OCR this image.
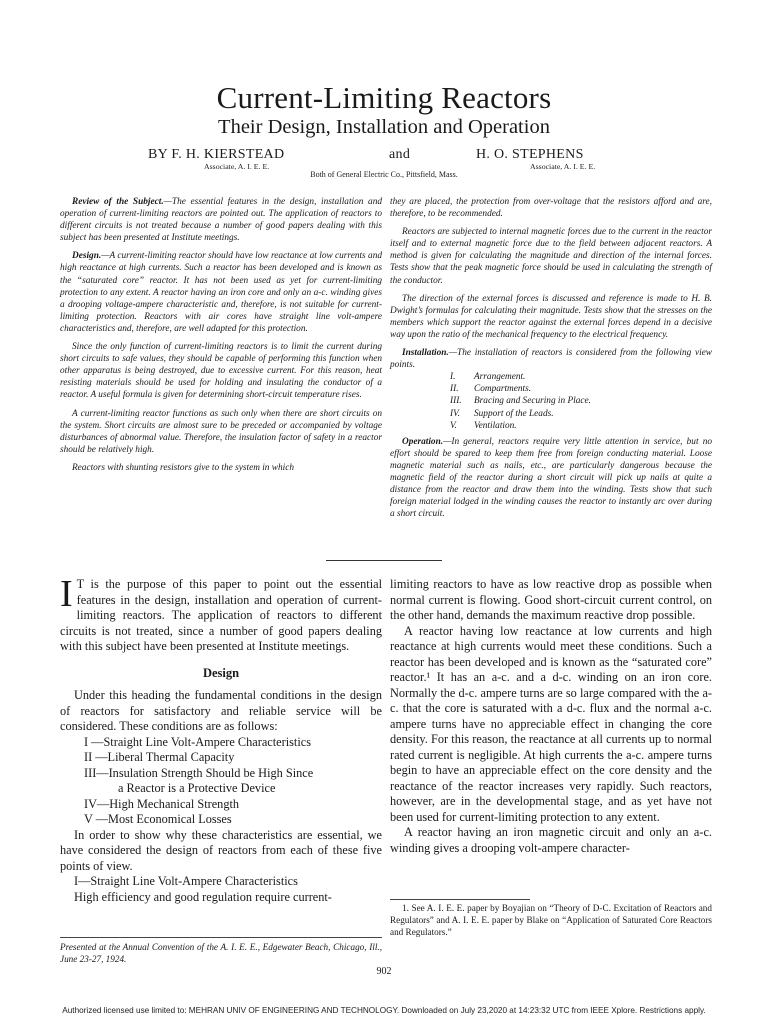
Current-Limiting Reactors
Their Design, Installation and Operation
BY F. H. KIERSTEAD
Associate, A. I. E. E.
and	H. O. STEPHENS
Associate, A. I. E. E.
Both of General Electric Co., Pittsfield, Mass.

Review of the Subject.—The essential features in the design, installation and operation of current-limiting reactors are pointed out. The application of reactors to different circuits is not treated because a number of good papers dealing with this subject has been presented at Institute meetings.

Design.—A current-limiting reactor should have low reactance at low currents and high reactance at high currents. Such a reactor has been developed and is known as the “saturated core” reactor. It has not been used as yet for current-limiting protection to any extent. A reactor having an iron core and only an a-c. winding gives a drooping voltage-ampere characteristic and, therefore, is not suitable for current-limiting protection. Reactors with air cores have straight line volt-ampere characteristics and, therefore, are well adapted for this protection.

Since the only function of current-limiting reactors is to limit the current during short circuits to safe values, they should be capable of performing this function when other apparatus is being destroyed, due to excessive current. For this reason, heat resisting materials should be used for holding and insulating the conductor of a reactor. A useful formula is given for determining short-circuit temperature rises.

A current-limiting reactor functions as such only when there are short circuits on the system. Short circuits are almost sure to be preceded or accompanied by voltage disturbances of abnormal value. Therefore, the insulation factor of safety in a reactor should be relatively high.

Reactors with shunting resistors give to the system in which

they are placed, the protection from over-voltage that the resistors afford and are, therefore, to be recommended.

Reactors are subjected to internal magnetic forces due to the current in the reactor itself and to external magnetic force due to the field between adjacent reactors. A method is given for calculating the magnitude and direction of the internal forces. Tests show that the peak magnetic force should be used in calculating the strength of the conductor.

The direction of the external forces is discussed and reference is made to H. B. Dwight’s formulas for calculating their magnitude. Tests show that the stresses on the members which support the reactor against the external forces depend in a decisive way upon the ratio of the mechanical frequency to the electrical frequency.

Installation.—The installation of reactors is considered from the following view points.

I.	Arrangement.
II.	Compartments.
III.	Bracing and Securing in Place.
IV.	Support of the Leads.
V.	Ventilation.

Operation.—In general, reactors require very little attention in service, but no effort should be spared to keep them free from foreign conducting material. Loose magnetic material such as nails, etc., are particularly dangerous because the magnetic field of the reactor during a short circuit will pick up nails at quite a distance from the reactor and draw them into the winding. Tests show that such foreign material lodged in the winding causes the reactor to instantly arc over during a short circuit.

I T is the purpose of this paper to point out the essential features in the design, installation and operation of current-limiting reactors. The application of reactors to different circuits is not treated, since a number of good papers dealing with this subject have been presented at Institute meetings.

Design

Under this heading the fundamental conditions in the design of reactors for satisfactory and reliable service will be considered. These conditions are as follows:

I —Straight Line Volt-Ampere Characteristics
II —Liberal Thermal Capacity
III—Insulation Strength Should be High Since
a Reactor is a Protective Device
IV—High Mechanical Strength
V —Most Economical Losses

In order to show why these characteristics are essential, we have considered the design of reactors from each of these five points of view.

I—Straight Line Volt-Ampere Characteristics

High efficiency and good regulation require current-

limiting reactors to have as low reactive drop as possible when normal current is flowing. Good short-circuit current control, on the other hand, demands the maximum reactive drop possible.

A reactor having low reactance at low currents and high reactance at high currents would meet these conditions. Such a reactor has been developed and is known as the “saturated core” reactor.¹ It has an a-c. and a d-c. winding on an iron core. Normally the d-c. ampere turns are so large compared with the a-c. that the core is saturated with a d-c. flux and the normal a-c. ampere turns have no appreciable effect in changing the core density. For this reason, the reactance at all currents up to normal rated current is negligible. At high currents the a-c. ampere turns begin to have an appreciable effect on the core density and the reactance of the reactor increases very rapidly. Such reactors, however, are in the developmental stage, and as yet have not been used for current-limiting protection to any extent.

A reactor having an iron magnetic circuit and only an a-c. winding gives a drooping volt-ampere character-

Presented at the Annual Convention of the A. I. E. E., Edgewater Beach, Chicago, Ill., June 23-27, 1924.

1. See A. I. E. E. paper by Boyajian on “Theory of D-C. Excitation of Reactors and Regulators” and A. I. E. E. paper by Blake on “Application of Saturated Core Reactors and Regulators.”

902
Authorized licensed use limited to: MEHRAN UNIV OF ENGINEERING AND TECHNOLOGY. Downloaded on July 23,2020 at 14:23:32 UTC from IEEE Xplore. Restrictions apply.
